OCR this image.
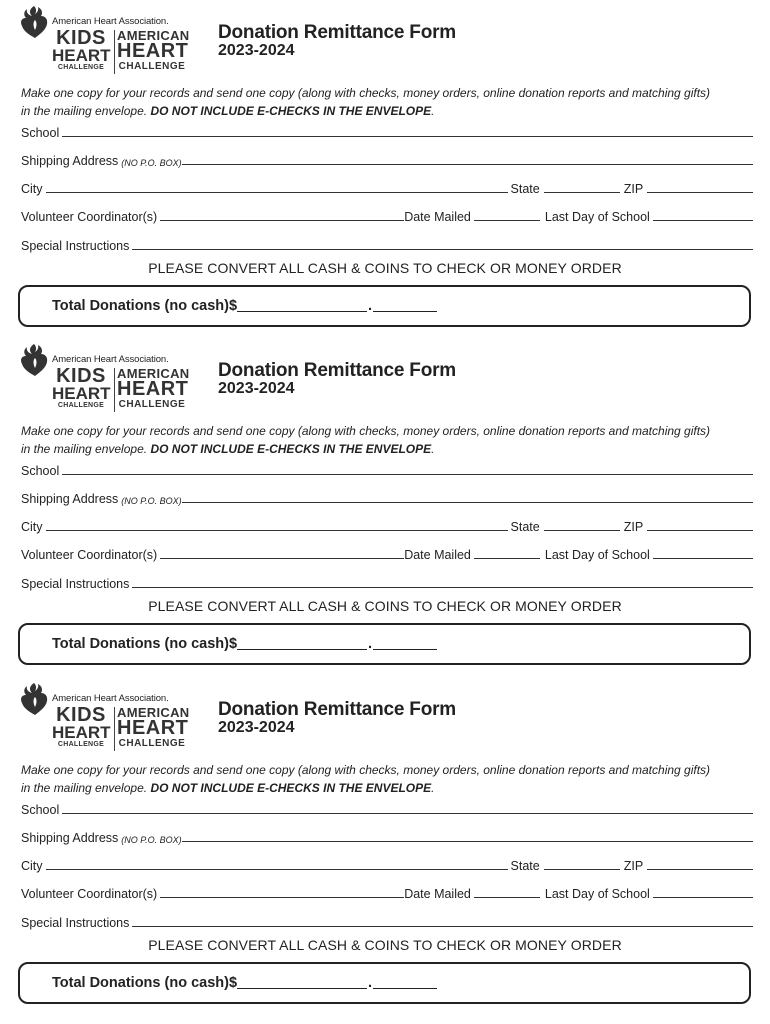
American Heart Association.
KIDS
HEART
CHALLENGE
AMERICAN
HEART
CHALLENGE
Donation Remittance Form
2023-2024
Make one copy for your records and send one copy (along with checks, money orders, online donation reports and matching gifts) in the mailing envelope. DO NOT INCLUDE E-CHECKS IN THE ENVELOPE.
School
Shipping Address (NO P.O. BOX)
City	State	ZIP
Volunteer Coordinator(s)	Date Mailed	Last Day of School
Special Instructions
PLEASE CONVERT ALL CASH & COINS TO CHECK OR MONEY ORDER
Total Donations (no cash)$	.
American Heart Association.
KIDS
HEART
CHALLENGE
AMERICAN
HEART
CHALLENGE
Donation Remittance Form
2023-2024
Make one copy for your records and send one copy (along with checks, money orders, online donation reports and matching gifts) in the mailing envelope. DO NOT INCLUDE E-CHECKS IN THE ENVELOPE.
School
Shipping Address (NO P.O. BOX)
City	State	ZIP
Volunteer Coordinator(s)	Date Mailed	Last Day of School
Special Instructions
PLEASE CONVERT ALL CASH & COINS TO CHECK OR MONEY ORDER
Total Donations (no cash)$	.
American Heart Association.
KIDS
HEART
CHALLENGE
AMERICAN
HEART
CHALLENGE
Donation Remittance Form
2023-2024
Make one copy for your records and send one copy (along with checks, money orders, online donation reports and matching gifts) in the mailing envelope. DO NOT INCLUDE E-CHECKS IN THE ENVELOPE.
School
Shipping Address (NO P.O. BOX)
City	State	ZIP
Volunteer Coordinator(s)	Date Mailed	Last Day of School
Special Instructions
PLEASE CONVERT ALL CASH & COINS TO CHECK OR MONEY ORDER
Total Donations (no cash)$	.
